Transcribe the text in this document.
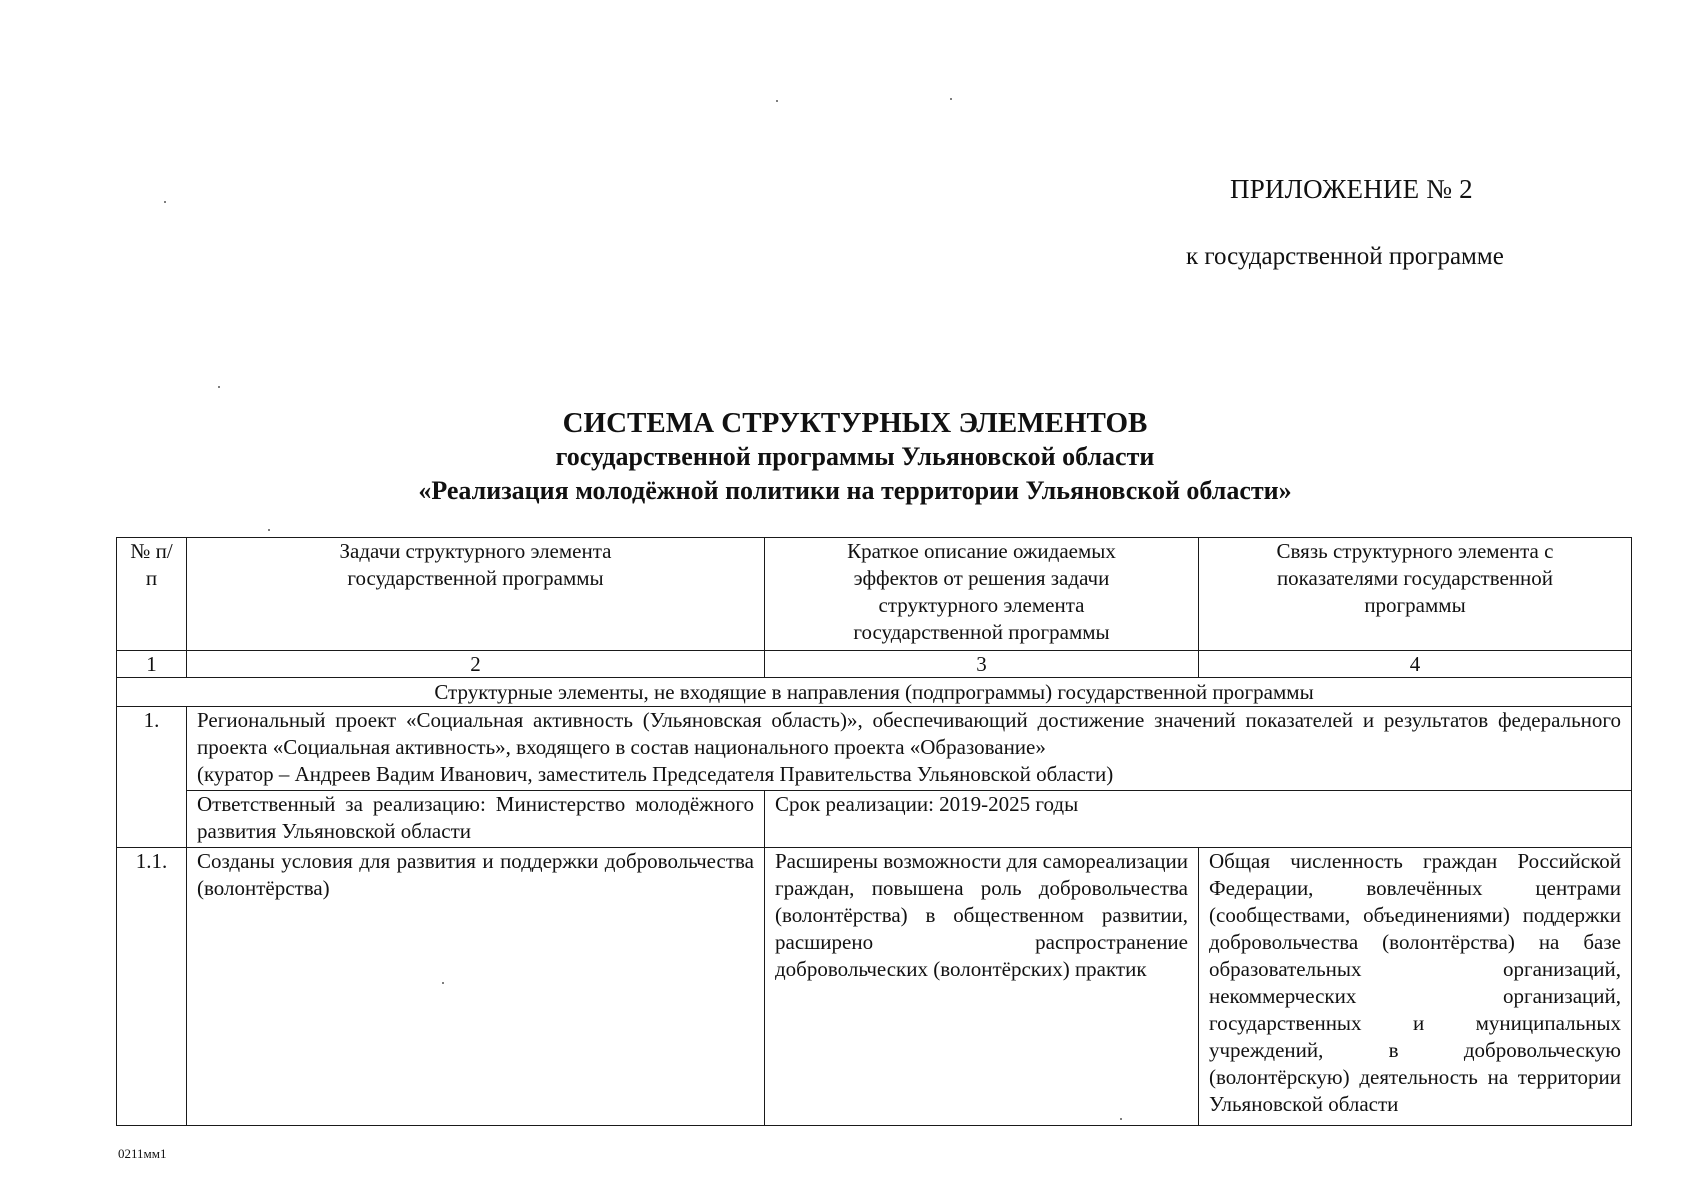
ПРИЛОЖЕНИЕ № 2
к государственной программе
СИСТЕМА СТРУКТУРНЫХ ЭЛЕМЕНТОВ
государственной программы Ульяновской области
«Реализация молодёжной политики на территории Ульяновской области»
№ п/п	Задачи структурного элемента государственной программы	Краткое описание ожидаемых эффектов от решения задачи структурного элемента государственной программы	Связь структурного элемента с показателями государственной программы
1	2	3	4
Структурные элементы, не входящие в направления (подпрограммы) государственной программы			
1.	Региональный проект «Социальная активность (Ульяновская область)», обеспечивающий достижение значений показателей и результатов федерального проекта «Социальная активность», входящего в состав национального проекта «Образование»
(куратор – Андреев Вадим Иванович, заместитель Председателя Правительства Ульяновской области)		

	Ответственный за реализацию: Министерство молодёжного развития Ульяновской области	Срок реализации: 2019-2025 годы	
1.1.	Созданы условия для развития и поддержки добровольчества (волонтёрства)	Расширены возможности для самореализации граждан, повышена роль добровольчества (волонтёрства) в общественном развитии, расширено распространение добровольческих (волонтёрских) практик	Общая численность граждан Российской Федерации, вовлечённых центрами (сообществами, объединениями) поддержки добровольчества (волонтёрства) на базе образовательных организаций, некоммерческих организаций, государственных и муниципальных учреждений, в добровольческую (волонтёрскую) деятельность на территории Ульяновской области
0211мм1
